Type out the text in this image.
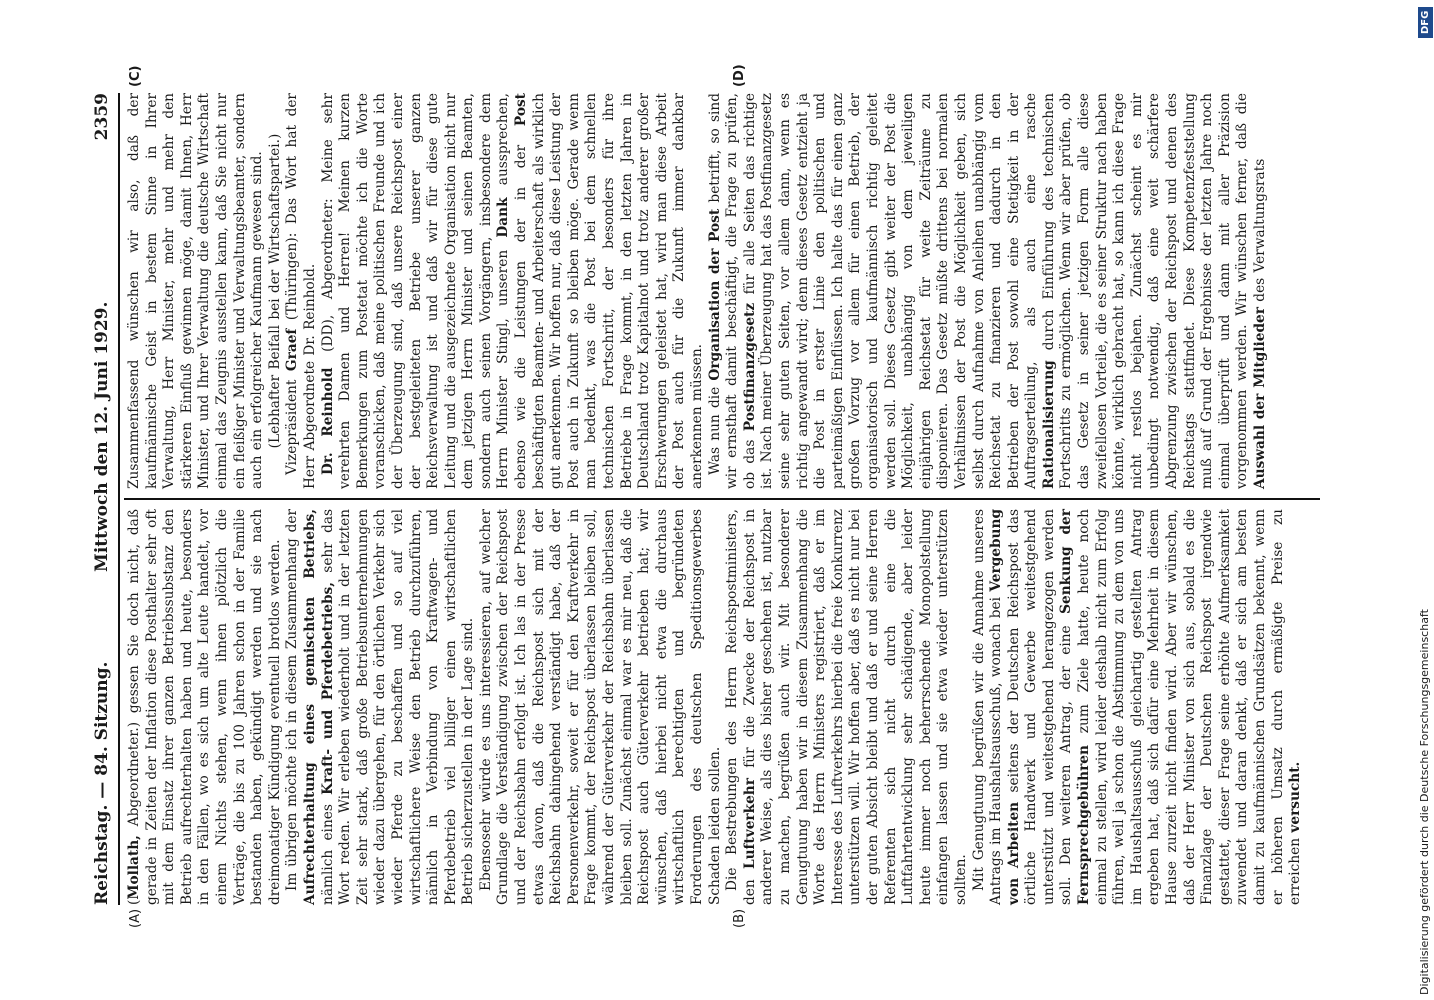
Reichstag. — 84. Sitzung.
Mittwoch den 12. Juni 1929.
2359
(A)	(B)
(C)	(D)

(Mollath, Abgeordneter.) gessen Sie doch nicht, daß gerade in Zeiten der Inflation diese Posthalter sehr oft mit dem Einsatz ihrer ganzen Betriebssubstanz den Betrieb aufrechterhalten haben und heute, besonders in den Fällen, wo es sich um alte Leute handelt, vor einem Nichts stehen, wenn ihnen plötzlich die Verträge, die bis zu 100 Jahren schon in der Familie bestanden haben, gekündigt werden und sie nach dreimonatiger Kündigung eventuell brotlos werden. Im übrigen möchte ich in diesem Zusammenhang der Aufrechterhaltung eines gemischten Betriebs, nämlich eines Kraft- und Pferdebetriebs, sehr das Wort reden. Wir erleben wiederholt und in der letzten Zeit sehr stark, daß große Betriebsunternehmungen wieder dazu übergehen, für den örtlichen Verkehr sich wieder Pferde zu beschaffen und so auf viel wirtschaftlichere Weise den Betrieb durchzuführen, nämlich in Verbindung von Kraftwagen- und Pferdebetrieb viel billiger einen wirtschaftlichen Betrieb sicherzustellen in der Lage sind. Ebensosehr würde es uns interessieren, auf welcher Grundlage die Verständigung zwischen der Reichspost und der Reichsbahn erfolgt ist. Ich las in der Presse etwas davon, daß die Reichspost sich mit der Reichsbahn dahingehend verständigt habe, daß der Personenverkehr, soweit er für den Kraftverkehr in Frage kommt, der Reichspost überlassen bleiben soll, während der Güterverkehr der Reichsbahn überlassen bleiben soll. Zunächst einmal war es mir neu, daß die Reichspost auch Güterverkehr betrieben hat; wir wünschen, daß hierbei nicht etwa die durchaus wirtschaftlich berechtigten und begründeten Forderungen des deutschen Speditionsgewerbes Schaden leiden sollen. Die Bestrebungen des Herrn Reichspostministers, den Luftverkehr für die Zwecke der Reichspost in anderer Weise, als dies bisher geschehen ist, nutzbar zu machen, begrüßen auch wir. Mit besonderer Genugtuung haben wir in diesem Zusammenhang die Worte des Herrn Ministers registriert, daß er im Interesse des Luftverkehrs hierbei die freie Konkurrenz unterstützen will. Wir hoffen aber, daß es nicht nur bei der guten Absicht bleibt und daß er und seine Herren Referenten sich nicht durch eine die Luftfahrtentwicklung sehr schädigende, aber leider heute immer noch beherrschende Monopolstellung einfangen lassen und sie etwa wieder unterstützen sollten. Mit Genugtuung begrüßen wir die Annahme unseres Antrags im Haushaltsausschuß, wonach bei Vergebung von Arbeiten seitens der Deutschen Reichspost das örtliche Handwerk und Gewerbe weitestgehend unterstützt und weitestgehend herangezogen werden soll. Den weiteren Antrag, der eine Senkung der Fernsprechgebühren zum Ziele hatte, heute noch einmal zu stellen, wird leider deshalb nicht zum Erfolg führen, weil ja schon die Abstimmung zu dem von uns im Haushaltsausschuß gleichartig gestellten Antrag ergeben hat, daß sich dafür eine Mehrheit in diesem Hause zurzeit nicht finden wird. Aber wir wünschen, daß der Herr Minister von sich aus, sobald es die Finanzlage der Deutschen Reichspost irgendwie gestattet, dieser Frage seine erhöhte Aufmerksamkeit zuwendet und daran denkt, daß er sich am besten damit zu kaufmännischen Grundsätzen bekennt, wenn er höheren Umsatz durch ermäßigte Preise zu erreichen versucht.

Zusammenfassend wünschen wir also, daß der kaufmännische Geist in bestem Sinne in Ihrer Verwaltung, Herr Minister, mehr und mehr den stärkeren Einfluß gewinnen möge, damit Ihnen, Herr Minister, und Ihrer Verwaltung die deutsche Wirtschaft einmal das Zeugnis ausstellen kann, daß Sie nicht nur ein fleißiger Minister und Verwaltungsbeamter, sondern auch ein erfolgreicher Kaufmann gewesen sind. (Lebhafter Beifall bei der Wirtschaftspartei.) Vizepräsident Graef (Thüringen): Das Wort hat der Herr Abgeordnete Dr. Reinhold. Dr. Reinhold (DD), Abgeordneter: Meine sehr verehrten Damen und Herren! Meinen kurzen Bemerkungen zum Postetat möchte ich die Worte voranschicken, daß meine politischen Freunde und ich der Überzeugung sind, daß unsere Reichspost einer der bestgeleiteten Betriebe unserer ganzen Reichsverwaltung ist und daß wir für diese gute Leitung und die ausgezeichnete Organisation nicht nur dem jetzigen Herrn Minister und seinen Beamten, sondern auch seinen Vorgängern, insbesondere dem Herrn Minister Stingl, unseren Dank aussprechen, ebenso wie die Leistungen der in der Post beschäftigten Beamten- und Arbeiterschaft als wirklich gut anerkennen. Wir hoffen nur, daß diese Leistung der Post auch in Zukunft so bleiben möge. Gerade wenn man bedenkt, was die Post bei dem schnellen technischen Fortschritt, der besonders für ihre Betriebe in Frage kommt, in den letzten Jahren in Deutschland trotz Kapitalnot und trotz anderer großer Erschwerungen geleistet hat, wird man diese Arbeit der Post auch für die Zukunft immer dankbar anerkennen müssen. Was nun die Organisation der Post betrifft, so sind wir ernsthaft damit beschäftigt, die Frage zu prüfen, ob das Postfinanzgesetz für alle Seiten das richtige ist. Nach meiner Überzeugung hat das Postfinanzgesetz seine sehr guten Seiten, vor allem dann, wenn es richtig angewandt wird; denn dieses Gesetz entzieht ja die Post in erster Linie den politischen und parteimäßigen Einflüssen. Ich halte das für einen ganz großen Vorzug vor allem für einen Betrieb, der organisatorisch und kaufmännisch richtig geleitet werden soll. Dieses Gesetz gibt weiter der Post die Möglichkeit, unabhängig von dem jeweiligen einjährigen Reichsetat für weite Zeiträume zu disponieren. Das Gesetz müßte drittens bei normalen Verhältnissen der Post die Möglichkeit geben, sich selbst durch Aufnahme von Anleihen unabhängig vom Reichsetat zu finanzieren und dadurch in den Betrieben der Post sowohl eine Stetigkeit in der Auftragserteilung, als auch eine rasche Rationalisierung durch Einführung des technischen Fortschritts zu ermöglichen. Wenn wir aber prüfen, ob das Gesetz in seiner jetzigen Form alle diese zweifellosen Vorteile, die es seiner Struktur nach haben könnte, wirklich gebracht hat, so kann ich diese Frage nicht restlos bejahen. Zunächst scheint es mir unbedingt notwendig, daß eine weit schärfere Abgrenzung zwischen der Reichspost und denen des Reichstags stattfindet. Diese Kompetenzfeststellung muß auf Grund der Ergebnisse der letzten Jahre noch einmal überprüft und dann mit aller Präzision vorgenommen werden. Wir wünschen ferner, daß die Auswahl der Mitglieder des Verwaltungsrats

Digitalisierung gefördert durch die Deutsche Forschungsgemeinschaft
DFG
